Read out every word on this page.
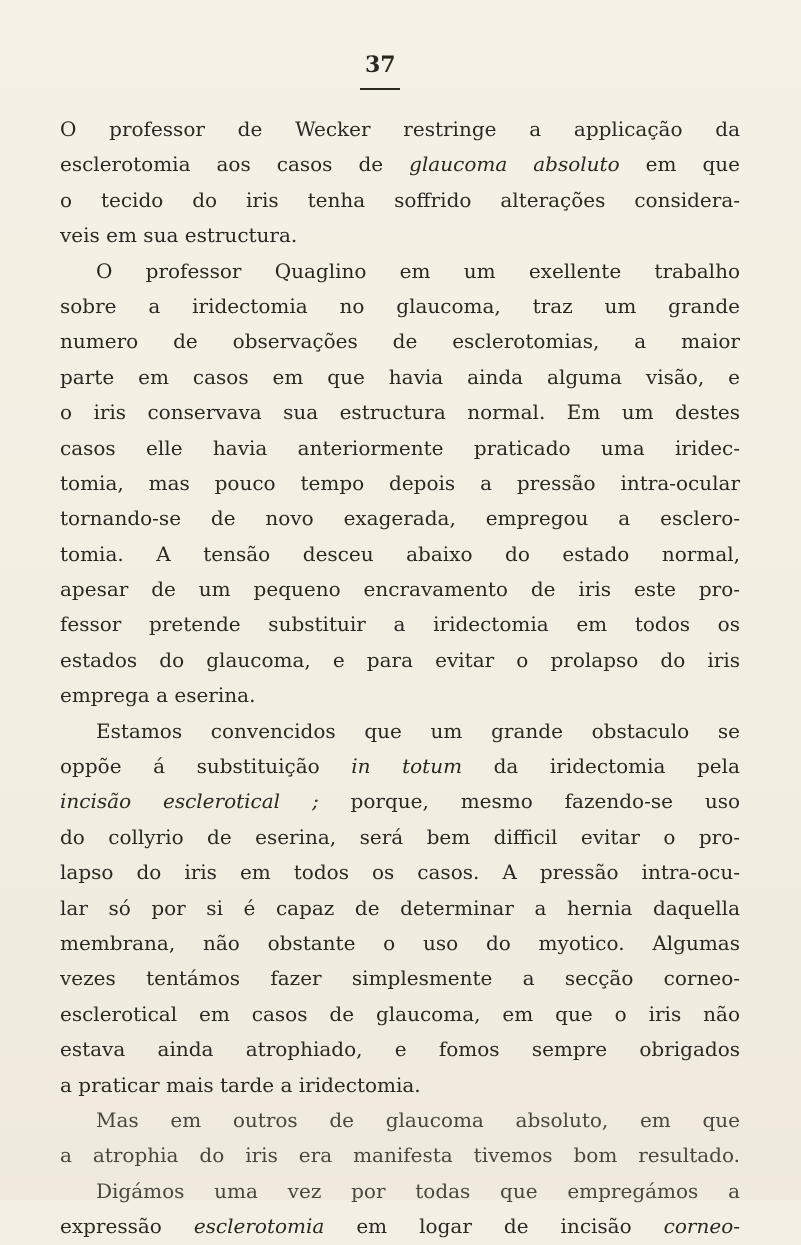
37
O professor de Wecker restringe a applicação da
esclerotomia aos casos de glaucoma absoluto em que
o tecido do iris tenha soffrido alterações considera-
veis em sua estructura.
O professor Quaglino em um exellente trabalho
sobre a iridectomia no glaucoma, traz um grande
numero de observações de esclerotomias, a maior
parte em casos em que havia ainda alguma visão, e
o iris conservava sua estructura normal. Em um destes
casos elle havia anteriormente praticado uma iridec-
tomia, mas pouco tempo depois a pressão intra-ocular
tornando-se de novo exagerada, empregou a esclero-
tomia. A tensão desceu abaixo do estado normal,
apesar de um pequeno encravamento de iris este pro-
fessor pretende substituir a iridectomia em todos os
estados do glaucoma, e para evitar o prolapso do iris
emprega a eserina.
Estamos convencidos que um grande obstaculo se
oppõe á substituição in totum da iridectomia pela
incisão esclerotical ; porque, mesmo fazendo-se uso
do collyrio de eserina, será bem difficil evitar o pro-
lapso do iris em todos os casos. A pressão intra-ocu-
lar só por si é capaz de determinar a hernia daquella
membrana, não obstante o uso do myotico. Algumas
vezes tentámos fazer simplesmente a secção corneo-
esclerotical em casos de glaucoma, em que o iris não
estava ainda atrophiado, e fomos sempre obrigados
a praticar mais tarde a iridectomia.
Mas em outros de glaucoma absoluto, em que
a atrophia do iris era manifesta tivemos bom resultado.
Digámos uma vez por todas que empregámos a
expressão esclerotomia em logar de incisão corneo-
